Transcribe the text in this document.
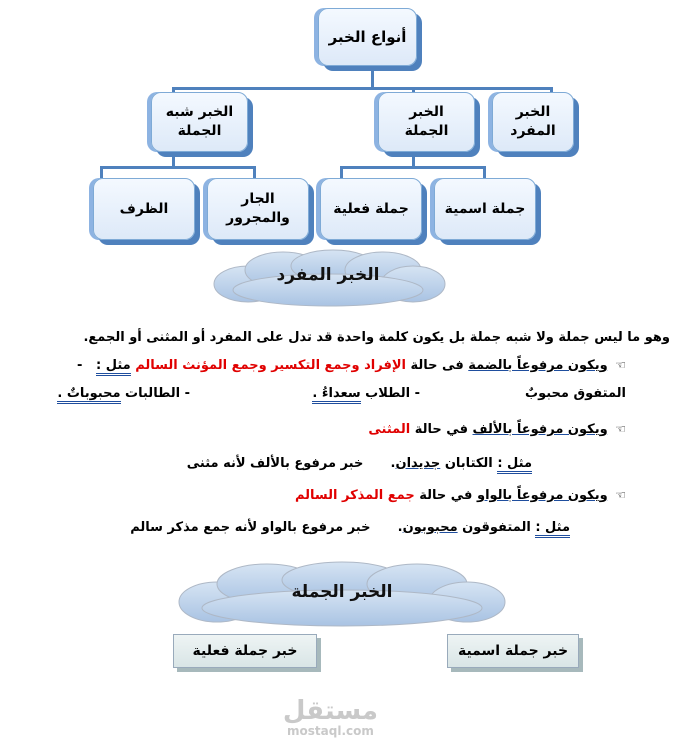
أنواع الخبر
الخبر المفرد
الخبر الجملة
الخبر شبه الجملة
جملة اسمية
جملة فعلية
الجار والمجرور
الظرف
الخبر المفرد
وهو ما ليس جملة ولا شبه جملة بل يكون كلمة واحدة قد تدل على المفرد أو المثنى أو الجمع.
☜ ويكون مرفوعاً بالضمة فى حالة الإفراد وجمع التكسير وجمع المؤنث السالم مثل :   -
المتفوق محبوبٌ
- الطلاب سعداءُ .
- الطالبات محبوباتٌ .
☜ ويكون مرفوعاً بالألف في حالة المثنى
مثل : الكتابان جديدان.      خبر مرفوع بالألف لأنه مثنى
☜ ويكون مرفوعاً بالواو في حالة جمع المذكر السالم
مثل : المتفوقون محبوبون.      خبر مرفوع بالواو لأنه جمع مذكر سالم
الخبر الجملة
خبر جملة اسمية
خبر جملة فعلية
مستقل
mostaql.com
